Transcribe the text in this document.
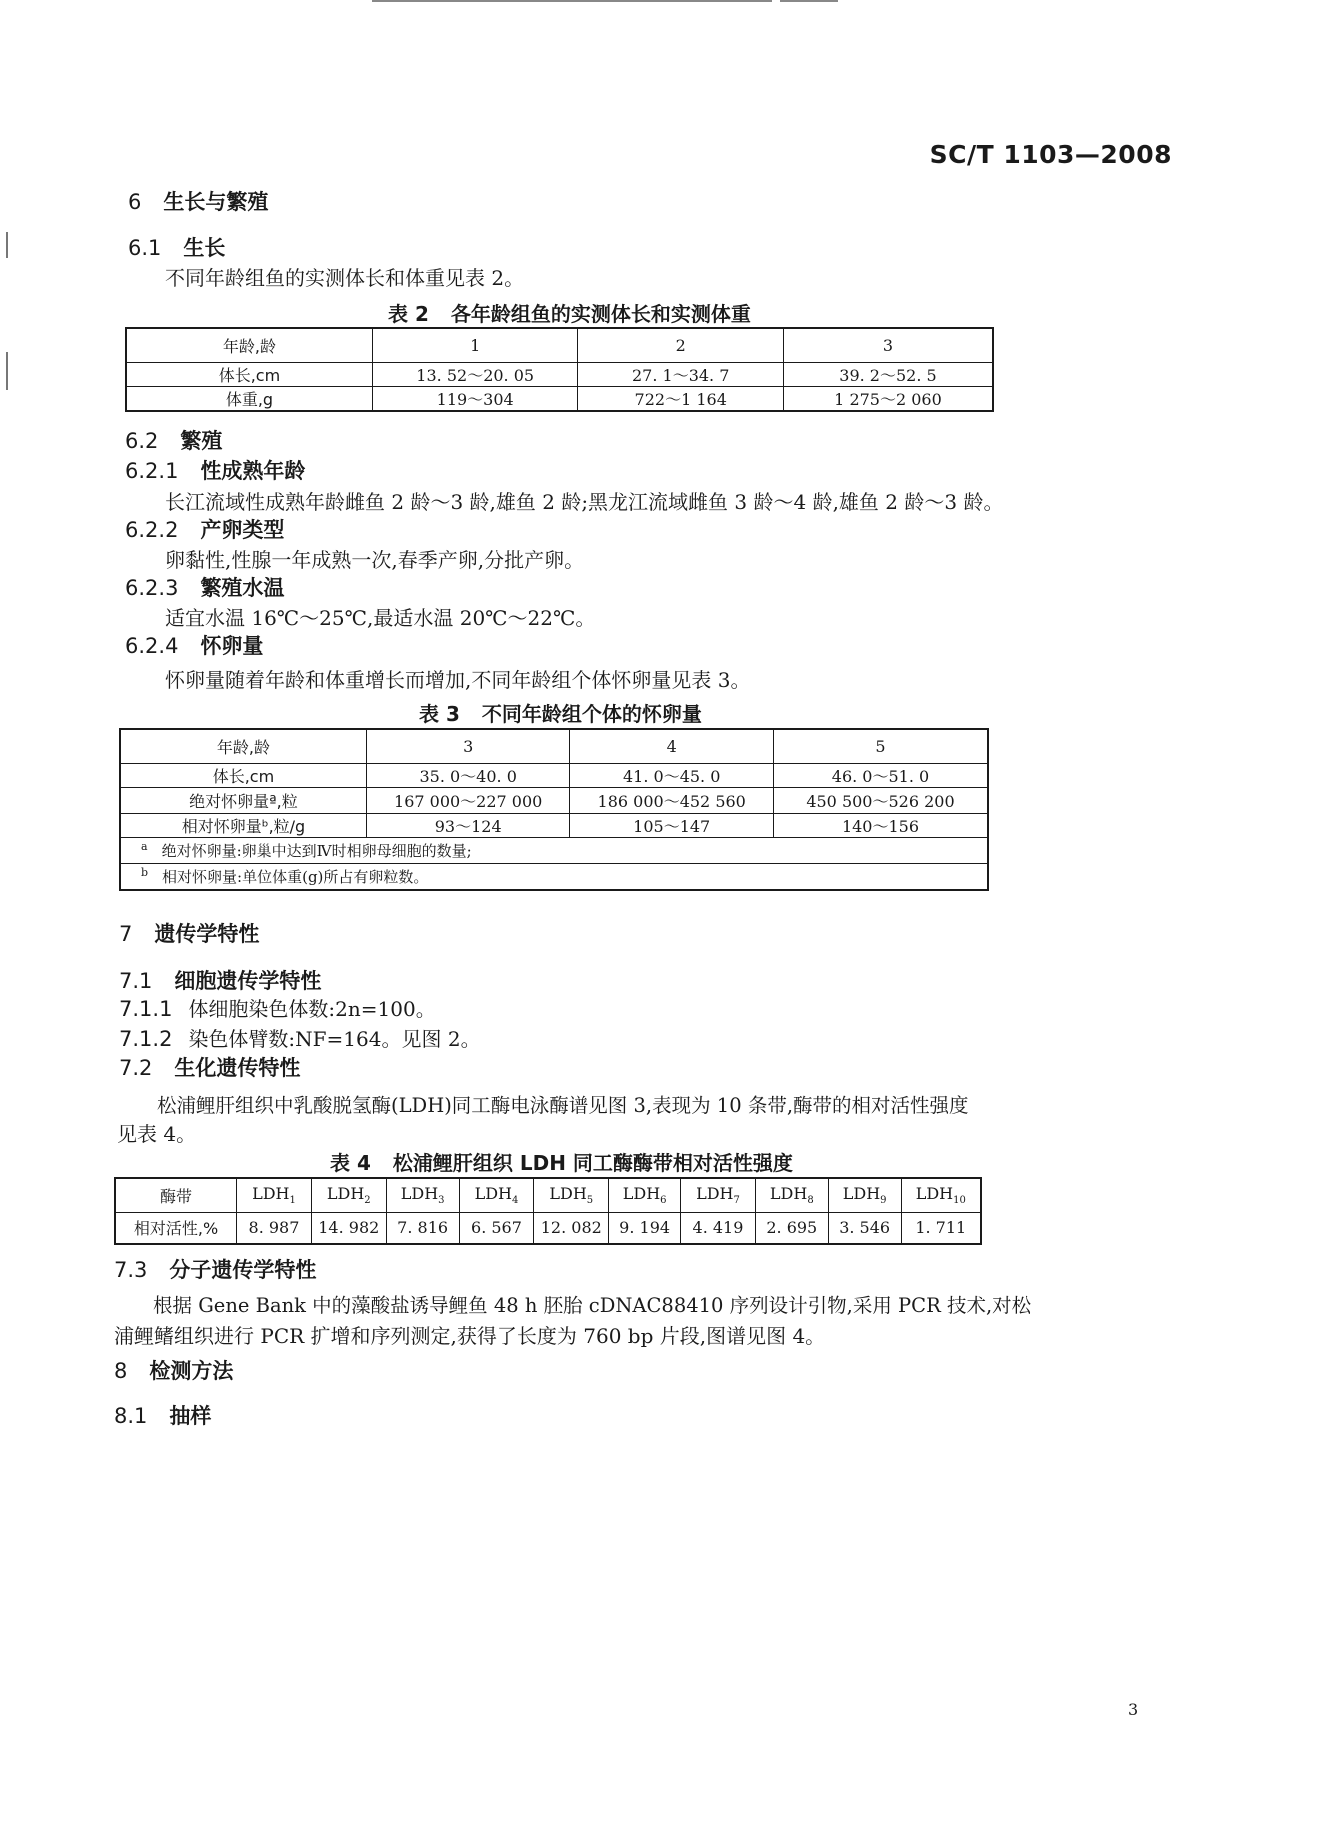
SC/T 1103—2008
6 生长与繁殖
6.1 生长
不同年龄组鱼的实测体长和体重见表 2。
表 2 各年龄组鱼的实测体长和实测体重
年龄,龄	1	2	3
体长,cm	13. 52～20. 05	27. 1～34. 7	39. 2～52. 5
体重,g	119～304	722～1 164	1 275～2 060
6.2 繁殖
6.2.1 性成熟年龄
长江流域性成熟年龄雌鱼 2 龄～3 龄,雄鱼 2 龄;黑龙江流域雌鱼 3 龄～4 龄,雄鱼 2 龄～3 龄。
6.2.2 产卵类型
卵黏性,性腺一年成熟一次,春季产卵,分批产卵。
6.2.3 繁殖水温
适宜水温 16℃～25℃,最适水温 20℃～22℃。
6.2.4 怀卵量
怀卵量随着年龄和体重增长而增加,不同年龄组个体怀卵量见表 3。
表 3 不同年龄组个体的怀卵量
年龄,龄	3	4	5
体长,cm	35. 0～40. 0	41. 0～45. 0	46. 0～51. 0
绝对怀卵量ª,粒	167 000～227 000	186 000～452 560	450 500～526 200
相对怀卵量ᵇ,粒/g	93～124	105～147	140～156
$^a$ 绝对怀卵量:卵巢中达到Ⅳ时相卵母细胞的数量;			
$^b$ 相对怀卵量:单位体重(g)所占有卵粒数。			
7 遗传学特性
7.1 细胞遗传学特性
7.1.1 体细胞染色体数:2n=100。
7.1.2 染色体臂数:NF=164。见图 2。
7.2 生化遗传特性
松浦鲤肝组织中乳酸脱氢酶(LDH)同工酶电泳酶谱见图 3,表现为 10 条带,酶带的相对活性强度
见表 4。
表 4 松浦鲤肝组织 LDH 同工酶酶带相对活性强度
酶带	$LDH_1$	$LDH_2$	$LDH_3$	$LDH_4$	$LDH_5$	$LDH_6$	$LDH_7$	$LDH_8$	$LDH_9$	$LDH_{10}$
相对活性,%	8. 987	14. 982	7. 816	6. 567	12. 082	9. 194	4. 419	2. 695	3. 546	1. 711
7.3 分子遗传学特性
根据 Gene Bank 中的藻酸盐诱导鲤鱼 48 h 胚胎 cDNAC88410 序列设计引物,采用 PCR 技术,对松
浦鲤鳍组织进行 PCR 扩增和序列测定,获得了长度为 760 bp 片段,图谱见图 4。
8 检测方法
8.1 抽样
3
